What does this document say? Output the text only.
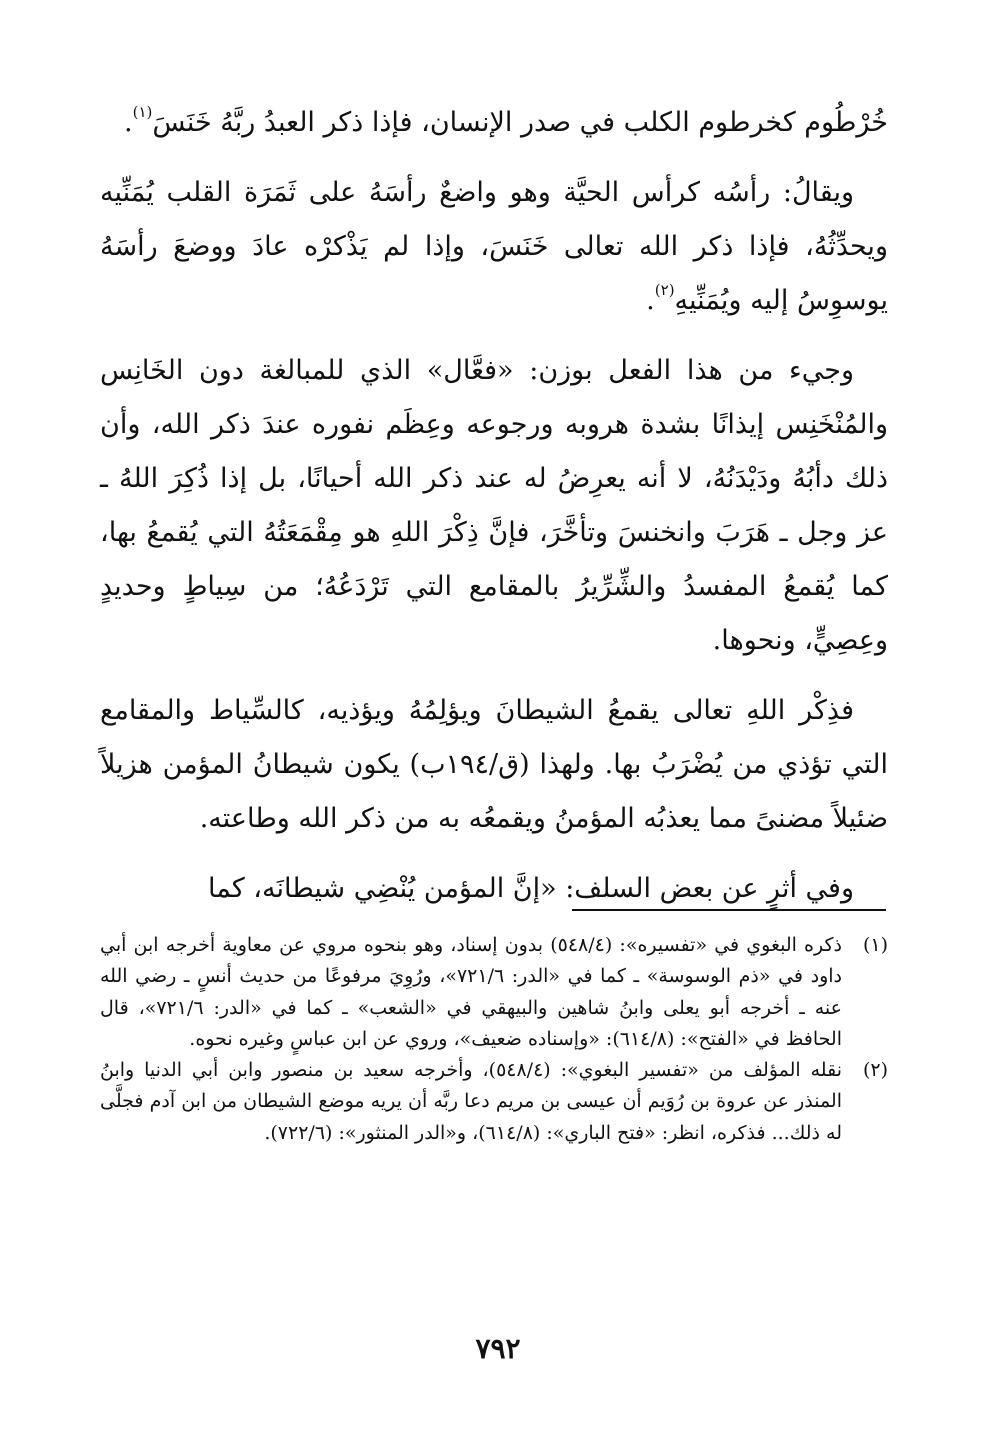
خُرْطُوم كخرطوم الكلب في صدر الإنسان، فإذا ذكر العبدُ ربَّهُ خَنَسَ$^{(١)}$.

ويقالُ: رأسُه كرأس الحيَّة وهو واضعٌ رأسَهُ على ثَمَرَة القلب يُمَنِّيه ويحدِّثُهُ، فإذا ذكر الله تعالى خَنَسَ، وإذا لم يَذْكرْه عادَ ووضعَ رأسَهُ يوسوِسُ إليه ويُمَنِّيهِ$^{(٢)}$.

وجيء من هذا الفعل بوزن: «فعَّال» الذي للمبالغة دون الخَانِس والمُنْخَنِس إيذانًا بشدة هروبه ورجوعه وعِظَم نفوره عندَ ذكر الله، وأن ذلك دأبُهُ ودَيْدَنُهُ، لا أنه يعرِضُ له عند ذكر الله أحيانًا، بل إذا ذُكِرَ اللهُ ـ عز وجل ـ هَرَبَ وانخنسَ وتأخَّرَ، فإنَّ ذِكْرَ اللهِ هو مِقْمَعَتُهُ التي يُقمعُ بها، كما يُقمعُ المفسدُ والشِّرِّيرُ بالمقامع التي تَرْدَعُهُ؛ من سِياطٍ وحديدٍ وعِصِيٍّ، ونحوها.

فذِكْر اللهِ تعالى يقمعُ الشيطانَ ويؤلِمُهُ ويؤذيه، كالسِّياط والمقامع التي تؤذي من يُضْرَبُ بها. ولهذا (ق/١٩٤ب) يكون شيطانُ المؤمن هزيلاً ضئيلاً مضنىً مما يعذبُه المؤمنُ ويقمعُه به من ذكر الله وطاعته.

وفي أثرٍ عن بعض السلف: «إنَّ المؤمن يُنْضِي شيطانَه، كما

(١)
ذكره البغوي في «تفسيره»: (٥٤٨/٤) بدون إسناد، وهو بنحوه مروي عن معاوية أخرجه ابن أبي داود في «ذم الوسوسة» ـ كما في «الدر: ٧٢١/٦»، ورُوِيَ مرفوعًا من حديث أنسٍ ـ رضي الله عنه ـ أخرجه أبو يعلى وابنُ شاهين والبيهقي في «الشعب» ـ كما في «الدر: ٧٢١/٦»، قال الحافظ في «الفتح»: (٦١٤/٨): «وإسناده ضعيف»، وروي عن ابن عباسٍ وغيره نحوه.

(٢)
نقله المؤلف من «تفسير البغوي»: (٥٤٨/٤)، وأخرجه سعيد بن منصور وابن أبي الدنيا وابنُ المنذر عن عروة بن رُوَيم أن عيسى بن مريم دعا ربَّه أن يريه موضع الشيطان من ابن آدم فجلَّى له ذلك... فذكره، انظر: «فتح الباري»: (٦١٤/٨)، و«الدر المنثور»: (٧٢٢/٦).

٧٩٢
